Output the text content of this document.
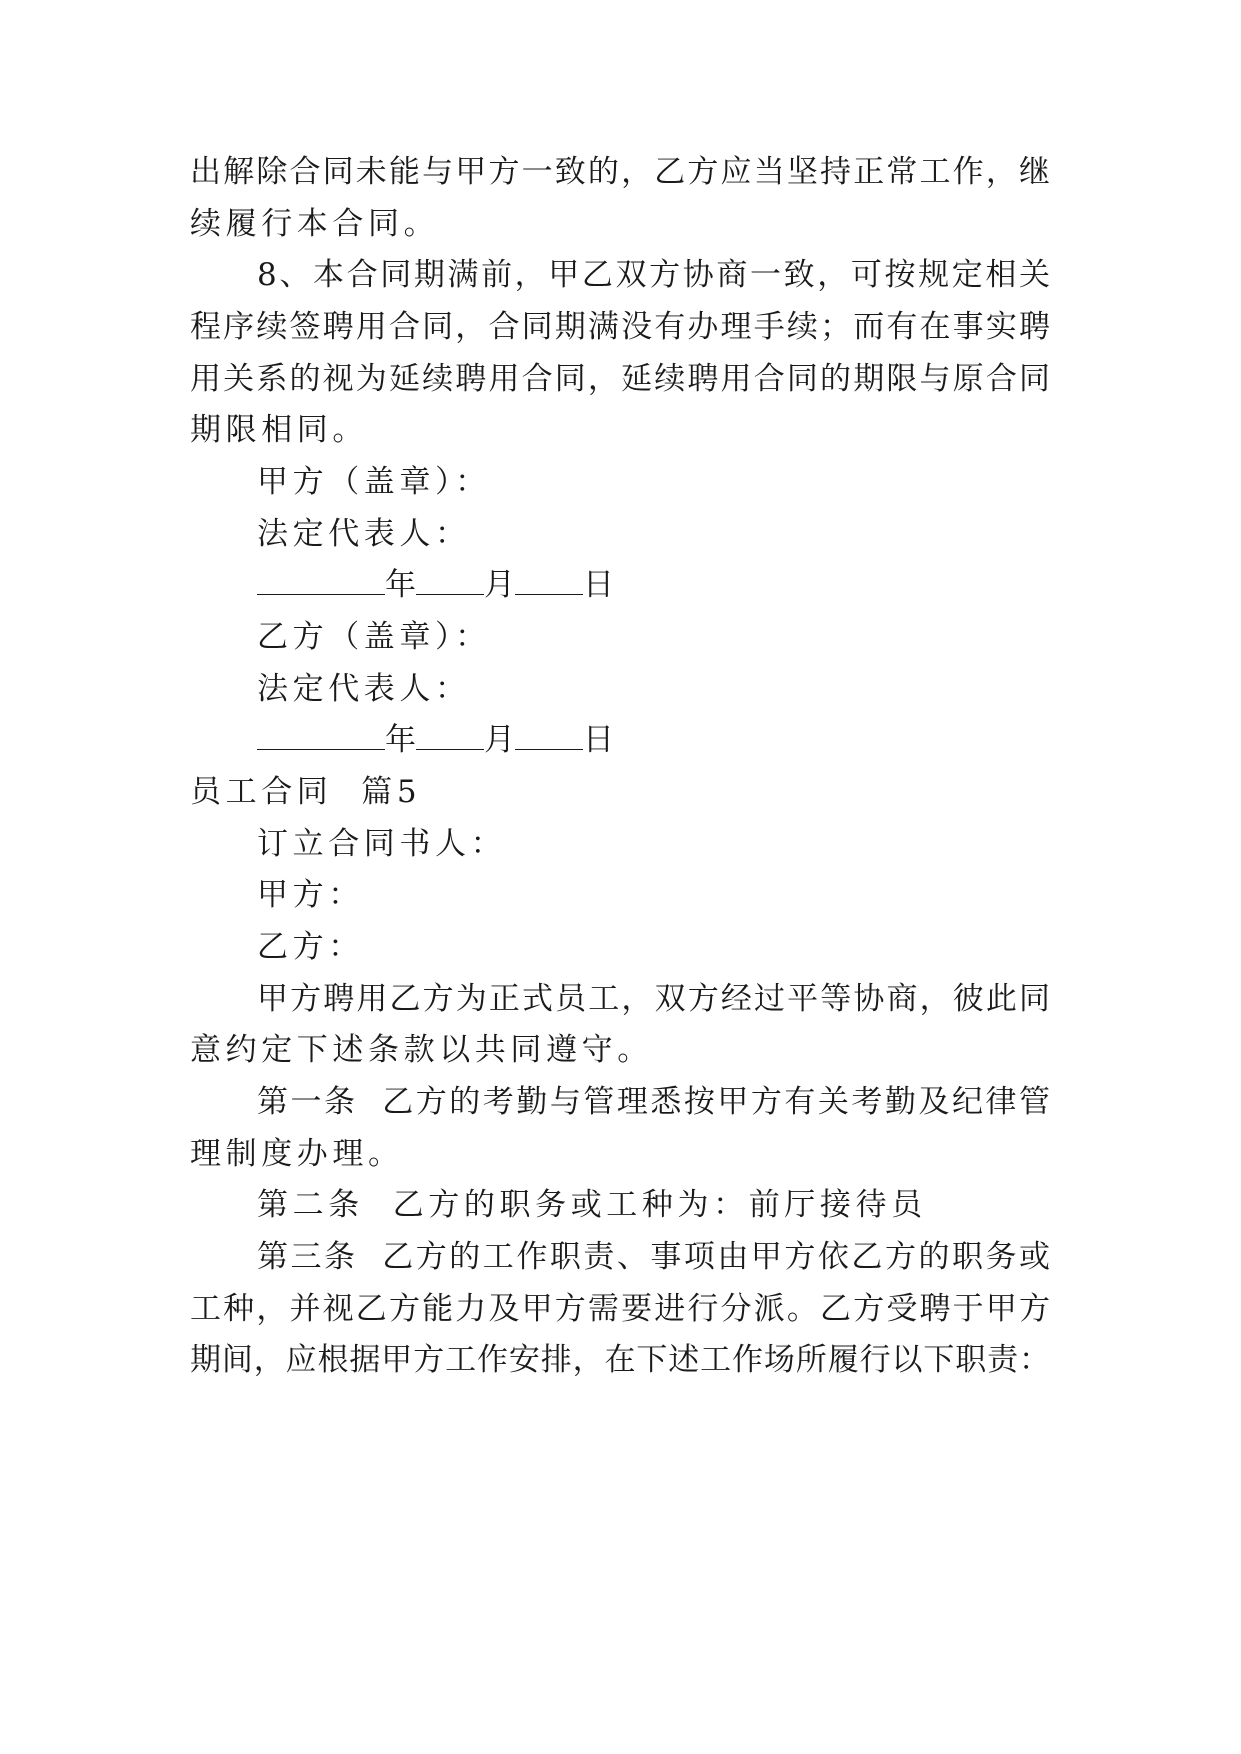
出解除合同未能与甲方一致的，乙方应当坚持正常工作，继
续履行本合同。
8、本合同期满前，甲乙双方协商一致，可按规定相关
程序续签聘用合同，合同期满没有办理手续；而有在事实聘
用关系的视为延续聘用合同，延续聘用合同的期限与原合同
期限相同。
甲方（盖章）：
法定代表人：
年 月 日
乙方（盖章）：
法定代表人：
年 月 日
员工合同  篇5
订立合同书人：
甲方：
乙方：
甲方聘用乙方为正式员工，双方经过平等协商，彼此同
意约定下述条款以共同遵守。
第一条  乙方的考勤与管理悉按甲方有关考勤及纪律管
理制度办理。
第二条  乙方的职务或工种为：前厅接待员
第三条  乙方的工作职责、事项由甲方依乙方的职务或
工种，并视乙方能力及甲方需要进行分派。乙方受聘于甲方
期间，应根据甲方工作安排，在下述工作场所履行以下职责：
